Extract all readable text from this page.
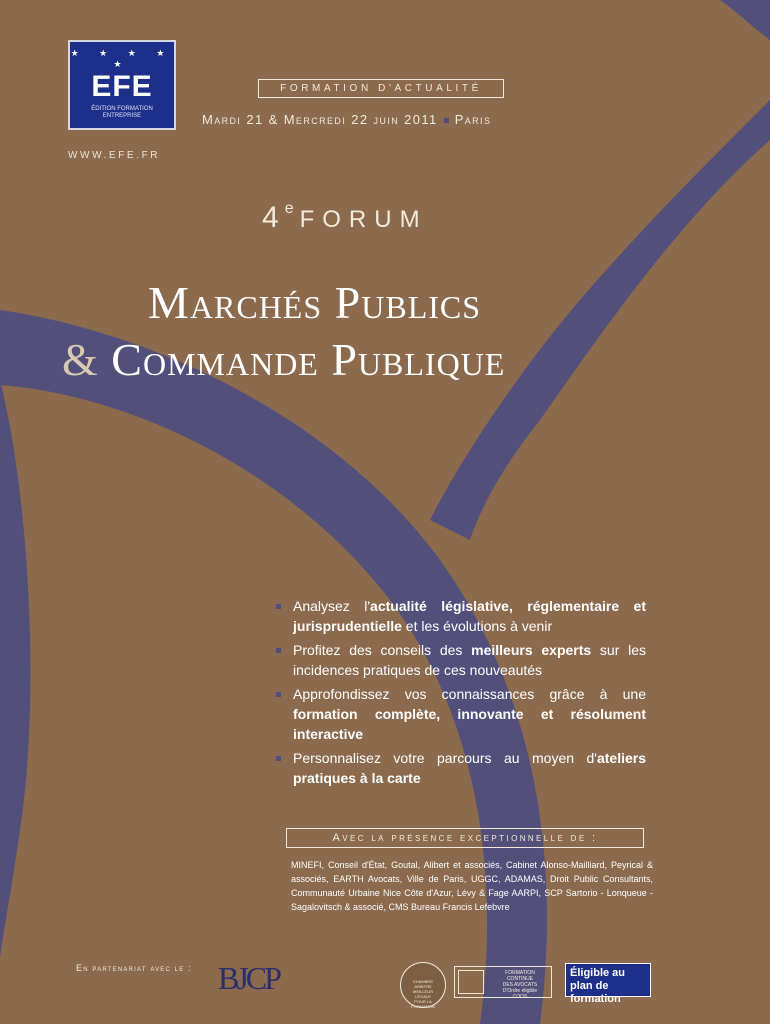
★ ★ ★ ★ ★
EFE
ÉDITION FORMATION
ENTREPRISE
WWW.EFE.FR
FORMATION D'ACTUALITÉ
Mardi 21 & Mercredi 22 juin 2011 Paris
4e FORUM
Marchés Publics
& Commande Publique
Analysez l'actualité législative, réglementaire et jurisprudentielle et les évolutions à venir
Profitez des conseils des meilleurs experts sur les incidences pratiques de ces nouveautés
Approfondissez vos connaissances grâce à une formation complète, innovante et résolument interactive
Personnalisez votre parcours au moyen d'ateliers pratiques à la carte
Avec la présence exceptionnelle de :
MINEFI, Conseil d'État, Goutal, Alibert et associés, Cabinet Alonso-Mailliard, Peyrical & associés, EARTH Avocats, Ville de Paris, UGGC, ADAMAS, Droit Public Consultants, Communauté Urbaine Nice Côte d'Azur, Lévy & Fage AARPI, SCP Sartorio - Lonqueue - Sagalovitsch & associé, CMS Bureau Francis Lefebvre
En partenariat avec le : BJCP	CHAMBRE ARBITRE
MEILLEUR
LÉGALE
POUR LA FORMATION
FORMATION
CONTINUE
DES AVOCATS
D'Ordre éligible
COOS
Éligible au plan de formation
